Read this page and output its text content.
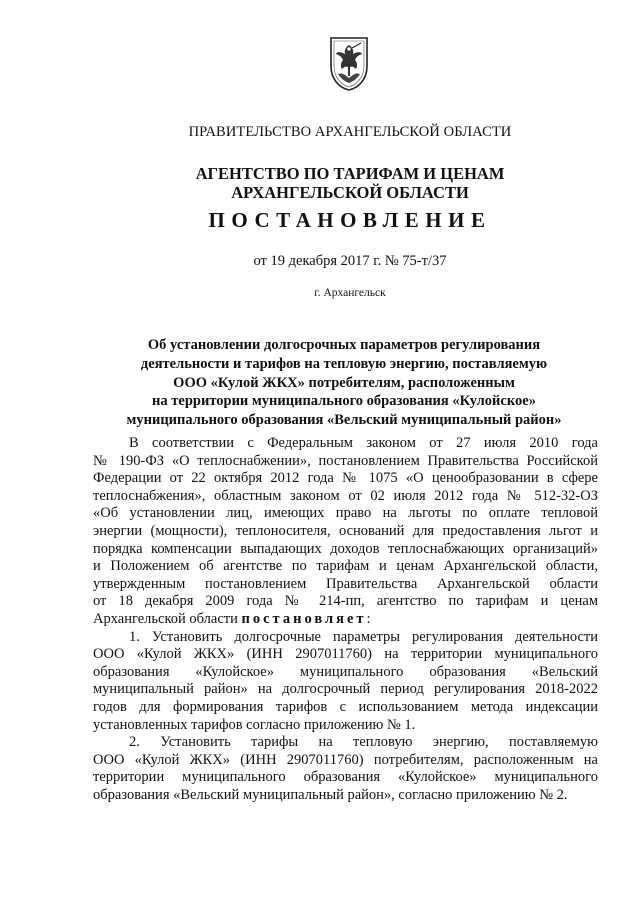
ПРАВИТЕЛЬСТВО АРХАНГЕЛЬСКОЙ ОБЛАСТИ
АГЕНТСТВО ПО ТАРИФАМ И ЦЕНАМ
АРХАНГЕЛЬСКОЙ ОБЛАСТИ
ПОСТАНОВЛЕНИЕ
от 19 декабря 2017 г. № 75-т/37
г. Архангельск
Об установлении долгосрочных параметров регулирования
деятельности и тарифов на тепловую энергию, поставляемую
ООО «Кулой ЖКХ» потребителям, расположенным
на территории муниципального образования «Кулойское»
муниципального образования «Вельский муниципальный район»
В соответствии с Федеральным законом от 27 июля 2010 года
№ 190-ФЗ «О теплоснабжении», постановлением Правительства Российской
Федерации от 22 октября 2012 года № 1075 «О ценообразовании в сфере
теплоснабжения», областным законом от 02 июля 2012 года № 512-32-ОЗ
«Об установлении лиц, имеющих право на льготы по оплате тепловой
энергии (мощности), теплоносителя, оснований для предоставления льгот и
порядка компенсации выпадающих доходов теплоснабжающих организаций»
и Положением об агентстве по тарифам и ценам Архангельской области,
утвержденным постановлением Правительства Архангельской области
от 18 декабря 2009 года № 214-пп, агентство по тарифам и ценам
Архангельской области постановляет:
1. Установить долгосрочные параметры регулирования деятельности
ООО «Кулой ЖКХ» (ИНН 2907011760) на территории муниципального
образования «Кулойское» муниципального образования «Вельский
муниципальный район» на долгосрочный период регулирования 2018-2022
годов для формирования тарифов с использованием метода индексации
установленных тарифов согласно приложению № 1.
2. Установить тарифы на тепловую энергию, поставляемую
ООО «Кулой ЖКХ» (ИНН 2907011760) потребителям, расположенным на
территории муниципального образования «Кулойское» муниципального
образования «Вельский муниципальный район», согласно приложению № 2.
